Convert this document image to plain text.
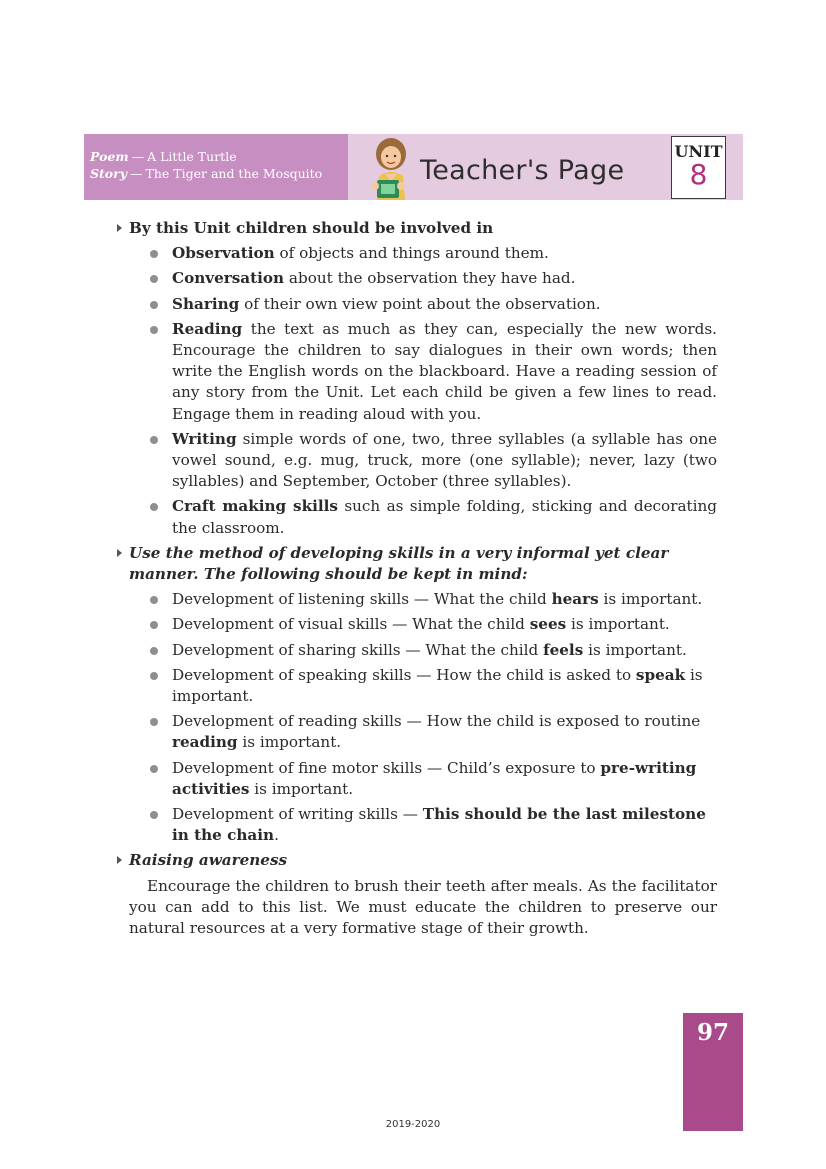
Poem — A Little Turtle
Story — The Tiger and the Mosquito	Teacher's Page
UNIT
8
By this Unit children should be involved in
Observation of objects and things around them.
Conversation about the observation they have had.
Sharing of their own view point about the observation.
Reading the text as much as they can, especially the new words. Encourage the children to say dialogues in their own words; then write the English words on the blackboard. Have a reading session of any story from the Unit. Let each child be given a few lines to read. Engage them in reading aloud with you.
Writing simple words of one, two, three syllables (a syllable has one vowel sound, e.g. mug, truck, more (one syllable); never, lazy (two syllables) and September, October (three syllables).
Craft making skills such as simple folding, sticking and decorating the classroom.
Use the method of developing skills in a very informal yet clear manner. The following should be kept in mind:
Development of listening skills — What the child hears is important.
Development of visual skills — What the child sees is important.
Development of sharing skills — What the child feels is important.
Development of speaking skills — How the child is asked to speak is important.
Development of reading skills — How the child is exposed to routine reading is important.
Development of fine motor skills — Child’s exposure to pre-writing activities is important.
Development of writing skills — This should be the last milestone in the chain.
Raising awareness
Encourage the children to brush their teeth after meals. As the facilitator you can add to this list. We must educate the children to preserve our natural resources at a very formative stage of their growth.
97
2019-2020
